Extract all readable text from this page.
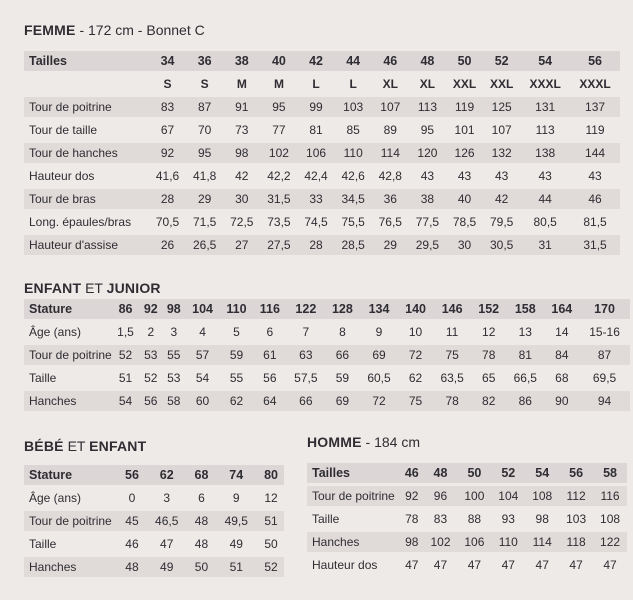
FEMME - 172 cm - Bonnet C
Tailles	34	36	38	40	42	44	46	48	50	52	54	56
	S	S	M	M	L	L	XL	XL	XXL	XXL	XXXL	XXXL
Tour de poitrine	83	87	91	95	99	103	107	113	119	125	131	137
Tour de taille	67	70	73	77	81	85	89	95	101	107	113	119
Tour de hanches	92	95	98	102	106	110	114	120	126	132	138	144
Hauteur dos	41,6	41,8	42	42,2	42,4	42,6	42,8	43	43	43	43	43
Tour de bras	28	29	30	31,5	33	34,5	36	38	40	42	44	46
Long. épaules/bras	70,5	71,5	72,5	73,5	74,5	75,5	76,5	77,5	78,5	79,5	80,5	81,5
Hauteur d'assise	26	26,5	27	27,5	28	28,5	29	29,5	30	30,5	31	31,5
ENFANT ET JUNIOR
Stature	86	92	98	104	110	116	122	128	134	140	146	152	158	164	170
Âge (ans)	1,5	2	3	4	5	6	7	8	9	10	11	12	13	14	15-16
Tour de poitrine	52	53	55	57	59	61	63	66	69	72	75	78	81	84	87
Taille	51	52	53	54	55	56	57,5	59	60,5	62	63,5	65	66,5	68	69,5
Hanches	54	56	58	60	62	64	66	69	72	75	78	82	86	90	94
BÉBÉ ET ENFANT
Stature	56	62	68	74	80
Âge (ans)	0	3	6	9	12
Tour de poitrine	45	46,5	48	49,5	51
Taille	46	47	48	49	50
Hanches	48	49	50	51	52
HOMME - 184 cm
Tailles	46	48	50	52	54	56	58
Tour de poitrine	92	96	100	104	108	112	116
Taille	78	83	88	93	98	103	108
Hanches	98	102	106	110	114	118	122
Hauteur dos	47	47	47	47	47	47	47
